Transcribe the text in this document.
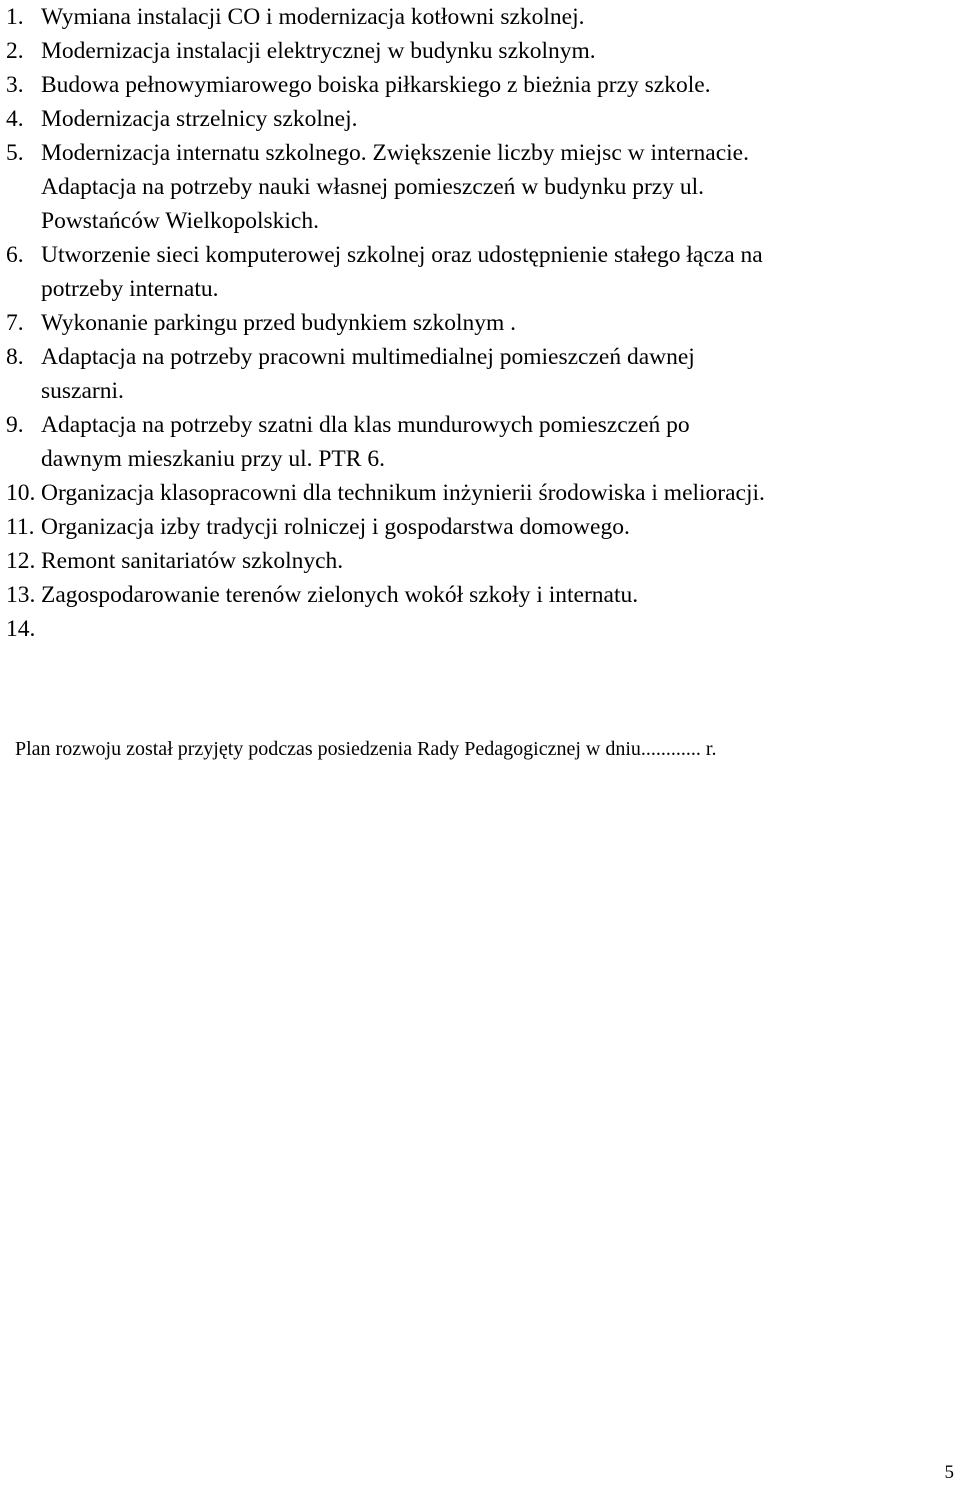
1. Wymiana instalacji CO i modernizacja kotłowni szkolnej.
2. Modernizacja instalacji elektrycznej w budynku szkolnym.
3. Budowa pełnowymiarowego boiska piłkarskiego z bieżnia przy szkole.
4. Modernizacja strzelnicy szkolnej.
5. Modernizacja internatu szkolnego. Zwiększenie liczby miejsc w internacie.
Adaptacja na potrzeby nauki własnej pomieszczeń w budynku przy ul.
Powstańców Wielkopolskich.
6. Utworzenie sieci komputerowej szkolnej oraz udostępnienie stałego łącza na
potrzeby internatu.
7. Wykonanie parkingu przed budynkiem szkolnym .
8. Adaptacja na potrzeby pracowni multimedialnej pomieszczeń dawnej
suszarni.
9. Adaptacja na potrzeby szatni dla klas mundurowych pomieszczeń po
dawnym mieszkaniu przy ul. PTR 6.
10. Organizacja klasopracowni dla technikum inżynierii środowiska i melioracji.
11. Organizacja izby tradycji rolniczej i gospodarstwa domowego.
12. Remont sanitariatów szkolnych.
13. Zagospodarowanie terenów zielonych wokół szkoły i internatu.
14.

Plan rozwoju został przyjęty podczas posiedzenia Rady Pedagogicznej w dniu............ r.

5
